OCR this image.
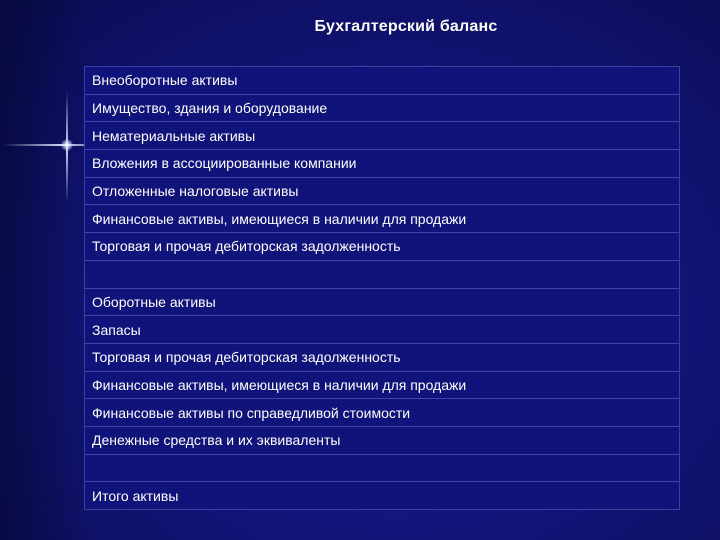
Бухгалтерский баланс
Внеоборотные активы
Имущество, здания и оборудование
Нематериальные активы
Вложения в ассоциированные компании
Отложенные налоговые активы
Финансовые активы, имеющиеся в наличии для продажи
Торговая и прочая дебиторская задолженность
Оборотные активы
Запасы
Торговая и прочая дебиторская задолженность
Финансовые активы, имеющиеся в наличии для продажи
Финансовые активы по справедливой стоимости
Денежные средства и их эквиваленты
Итого активы
